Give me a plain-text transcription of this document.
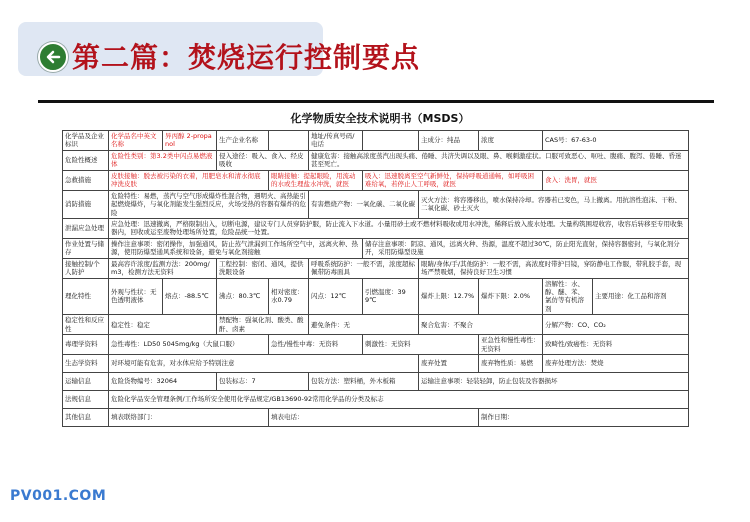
第二篇：焚烧运行控制要点
化学物质安全技术说明书（MSDS）
化学品及企业标识	化学品名中英文名称	异丙醇 2-propanol	生产企业名称		地址/传真号码/电话		主成分：纯品	浓度	CAS号：67-63-0	
危险性概述	危险性类别：第3.2类中闪点易燃液体		侵入途径：吸入、食入、经皮吸收		健康危害：接触高浓度蒸汽出现头痛、倦睡、共济失调以及眼、鼻、喉刺激症状。口服可致恶心、呕吐、腹痛、腹泻、倦睡、昏迷甚至死亡。					
急救措施	皮肤接触：脱去被污染的衣着，用肥皂水和清水彻底冲洗皮肤			眼睛接触：提起眼睑，用流动的水或生理盐水冲洗，就医		吸入：迅速脱离至空气新鲜处，保持呼吸道通畅，如呼吸困难给氧，若停止人工呼吸，就医			食入：洗胃，就医	
消防措施	危险特性：易燃，蒸汽与空气形成爆炸性混合物，遇明火、高热能引起燃烧爆炸，与氧化剂能发生强烈反应，火场受热的容器有爆炸的危险				有害燃烧产物：一氧化碳、二氧化碳		灭火方法：将容器移出，喷水保持冷却。容器若已变色，马上撤离。用抗溶性泡沫、干粉、二氧化碳、砂土灭火			
泄漏应急处理	应急处理：迅速撤离，严格限制出入，切断电源，建议专门人员穿防护服，防止流入下水道。小量用砂土或不燃材料吸收或用水冲洗，稀释后放入废水处理。大量构筑围堤收容，收容后转移至专用收集器内，回收或运至废物处理场所处置，危险品统一处置。									
作业处置与储存	操作注意事项：密闭操作，加强通风，防止蒸气泄漏到工作场所空气中，远离火种、热源，使用防爆型通风系统和设备，避免与氧化剂接触					储存注意事项：阴凉、通风，远离火种、热源，温度不超过30℃，防止阳光直射，保持容器密封，与氧化剂分开，采用防爆型设施				
接触控制/个人防护	最高容许浓度/监测方法：200mg/m3，检测方法无资料		工程控制：密闭、通风，提供洗眼设备		呼吸系统防护：一般不需，浓度超标佩带防毒面具		眼睛/身体/手/其他防护：一般不需，高浓度时带护目镜，穿防静电工作服，带乳胶手套，现场严禁吸烟，保持良好卫生习惯			
理化特性	外观与性状：无色透明液体	熔点：-88.5℃	沸点：80.3℃	相对密度：水0.79	闪点：12℃	引燃温度：399℃	爆炸上限：12.7%	爆炸下限：2.0%	溶解性：水、醇、醚、苯、氯仿等有机溶剂	主要用途：化工品和溶剂
稳定性和反应性	稳定性：稳定		禁配物：强氧化剂、酸类、酸酐、卤素		避免条件：无		聚合危害：不聚合		分解产物：CO、CO₂	
毒理学资料	急性毒性：LD50 5045mg/kg（大鼠口服）			急性/慢性中毒：无资料		刺激性：无资料		亚急性和慢性毒性：无资料	致畸性/致癌性：无资料	
生态学资料	对环境可能有危害，对水体应给予特别注意						废弃处置	废弃物性质：易燃	废弃处理方法：焚烧	
运输信息	危险货物编号：32064		包装标志：7		包装方法：塑料桶，外木板箱		运输注意事项：轻装轻卸，防止包装及容器损坏			
法规信息	危险化学品安全管理条例/工作场所安全使用化学品规定/GB13690-92常用化学品的分类及标志									
其他信息	填表联络部门：			填表电话：				制作日期：		
PV001.COM
